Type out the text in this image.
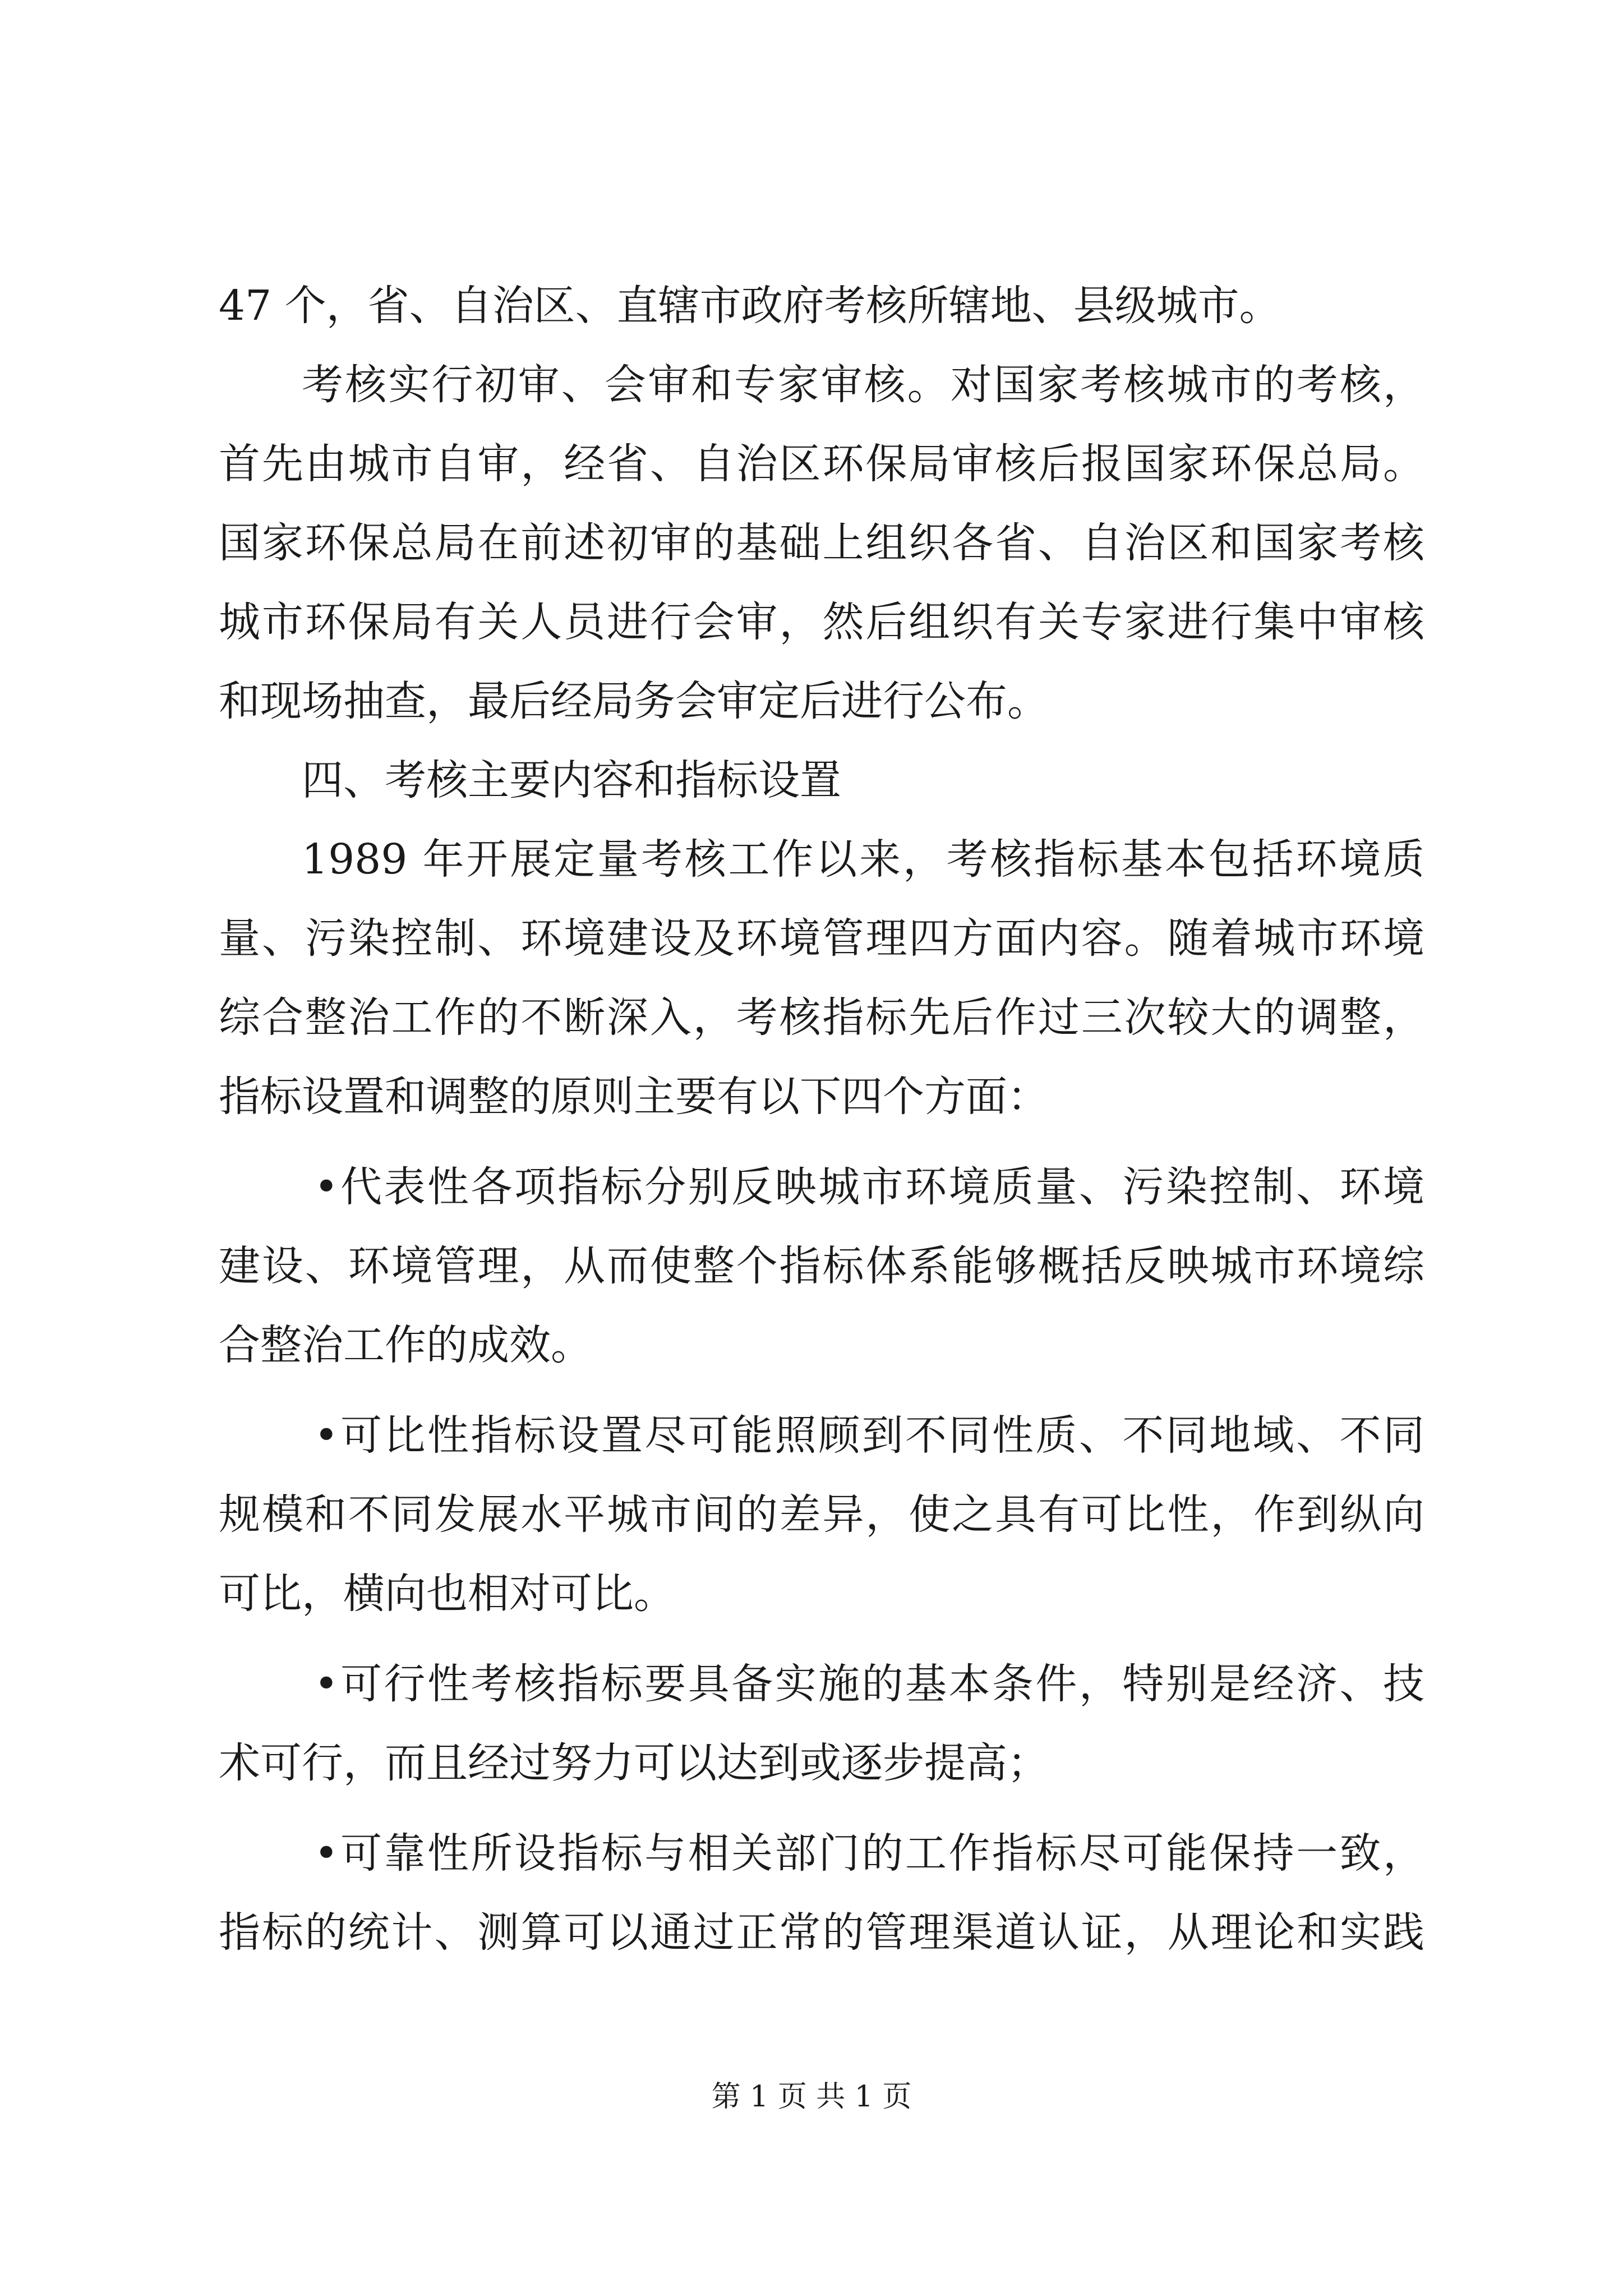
47 个，省、自治区、直辖市政府考核所辖地、县级城市。
考核实行初审、会审和专家审核。对国家考核城市的考核，
首先由城市自审，经省、自治区环保局审核后报国家环保总局。
国家环保总局在前述初审的基础上组织各省、自治区和国家考核
城市环保局有关人员进行会审，然后组织有关专家进行集中审核
和现场抽查，最后经局务会审定后进行公布。
四、考核主要内容和指标设置
1989 年开展定量考核工作以来，考核指标基本包括环境质
量、污染控制、环境建设及环境管理四方面内容。随着城市环境
综合整治工作的不断深入，考核指标先后作过三次较大的调整，
指标设置和调整的原则主要有以下四个方面：
•代表性各项指标分别反映城市环境质量、污染控制、环境
建设、环境管理，从而使整个指标体系能够概括反映城市环境综
合整治工作的成效。
•可比性指标设置尽可能照顾到不同性质、不同地域、不同
规模和不同发展水平城市间的差异，使之具有可比性，作到纵向
可比，横向也相对可比。
•可行性考核指标要具备实施的基本条件，特别是经济、技
术可行，而且经过努力可以达到或逐步提高；
•可靠性所设指标与相关部门的工作指标尽可能保持一致，
指标的统计、测算可以通过正常的管理渠道认证，从理论和实践
第 1 页 共 1 页
